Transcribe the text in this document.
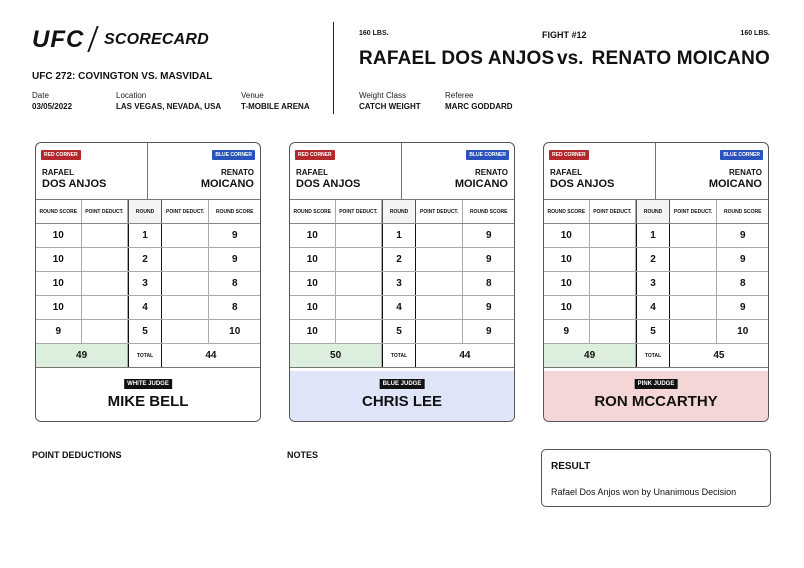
UFC SCORECARD
UFC 272: COVINGTON VS. MASVIDAL
Date
03/05/2022
Location
LAS VEGAS, NEVADA, USA
Venue
T-MOBILE ARENA
160 LBS.
RAFAEL DOS ANJOS
Weight Class
CATCH WEIGHT
Referee
MARC GODDARD
FIGHT #12
vs.
160 LBS.
RENATO MOICANO
RED CORNER	BLUE CORNER
RAFAEL
DOS ANJOS
RENATO
MOICANO
ROUND SCORE	POINT DEDUCT.	ROUND	POINT DEDUCT.	ROUND SCORE
10	1	9
10	2	9
10	3	8
10	4	8
9	5	10
49	TOTAL	44
WHITE JUDGE
MIKE BELL
RED CORNER	BLUE CORNER
RAFAEL
DOS ANJOS
RENATO
MOICANO
ROUND SCORE	POINT DEDUCT.	ROUND	POINT DEDUCT.	ROUND SCORE
10	1	9
10	2	9
10	3	8
10	4	9
10	5	9
50	TOTAL	44
BLUE JUDGE
CHRIS LEE
RED CORNER	BLUE CORNER
RAFAEL
DOS ANJOS
RENATO
MOICANO
ROUND SCORE	POINT DEDUCT.	ROUND	POINT DEDUCT.	ROUND SCORE
10	1	9
10	2	9
10	3	8
10	4	9
9	5	10
49	TOTAL	45
PINK JUDGE
RON MCCARTHY
POINT DEDUCTIONS	NOTES
RESULT
Rafael Dos Anjos won by Unanimous Decision
